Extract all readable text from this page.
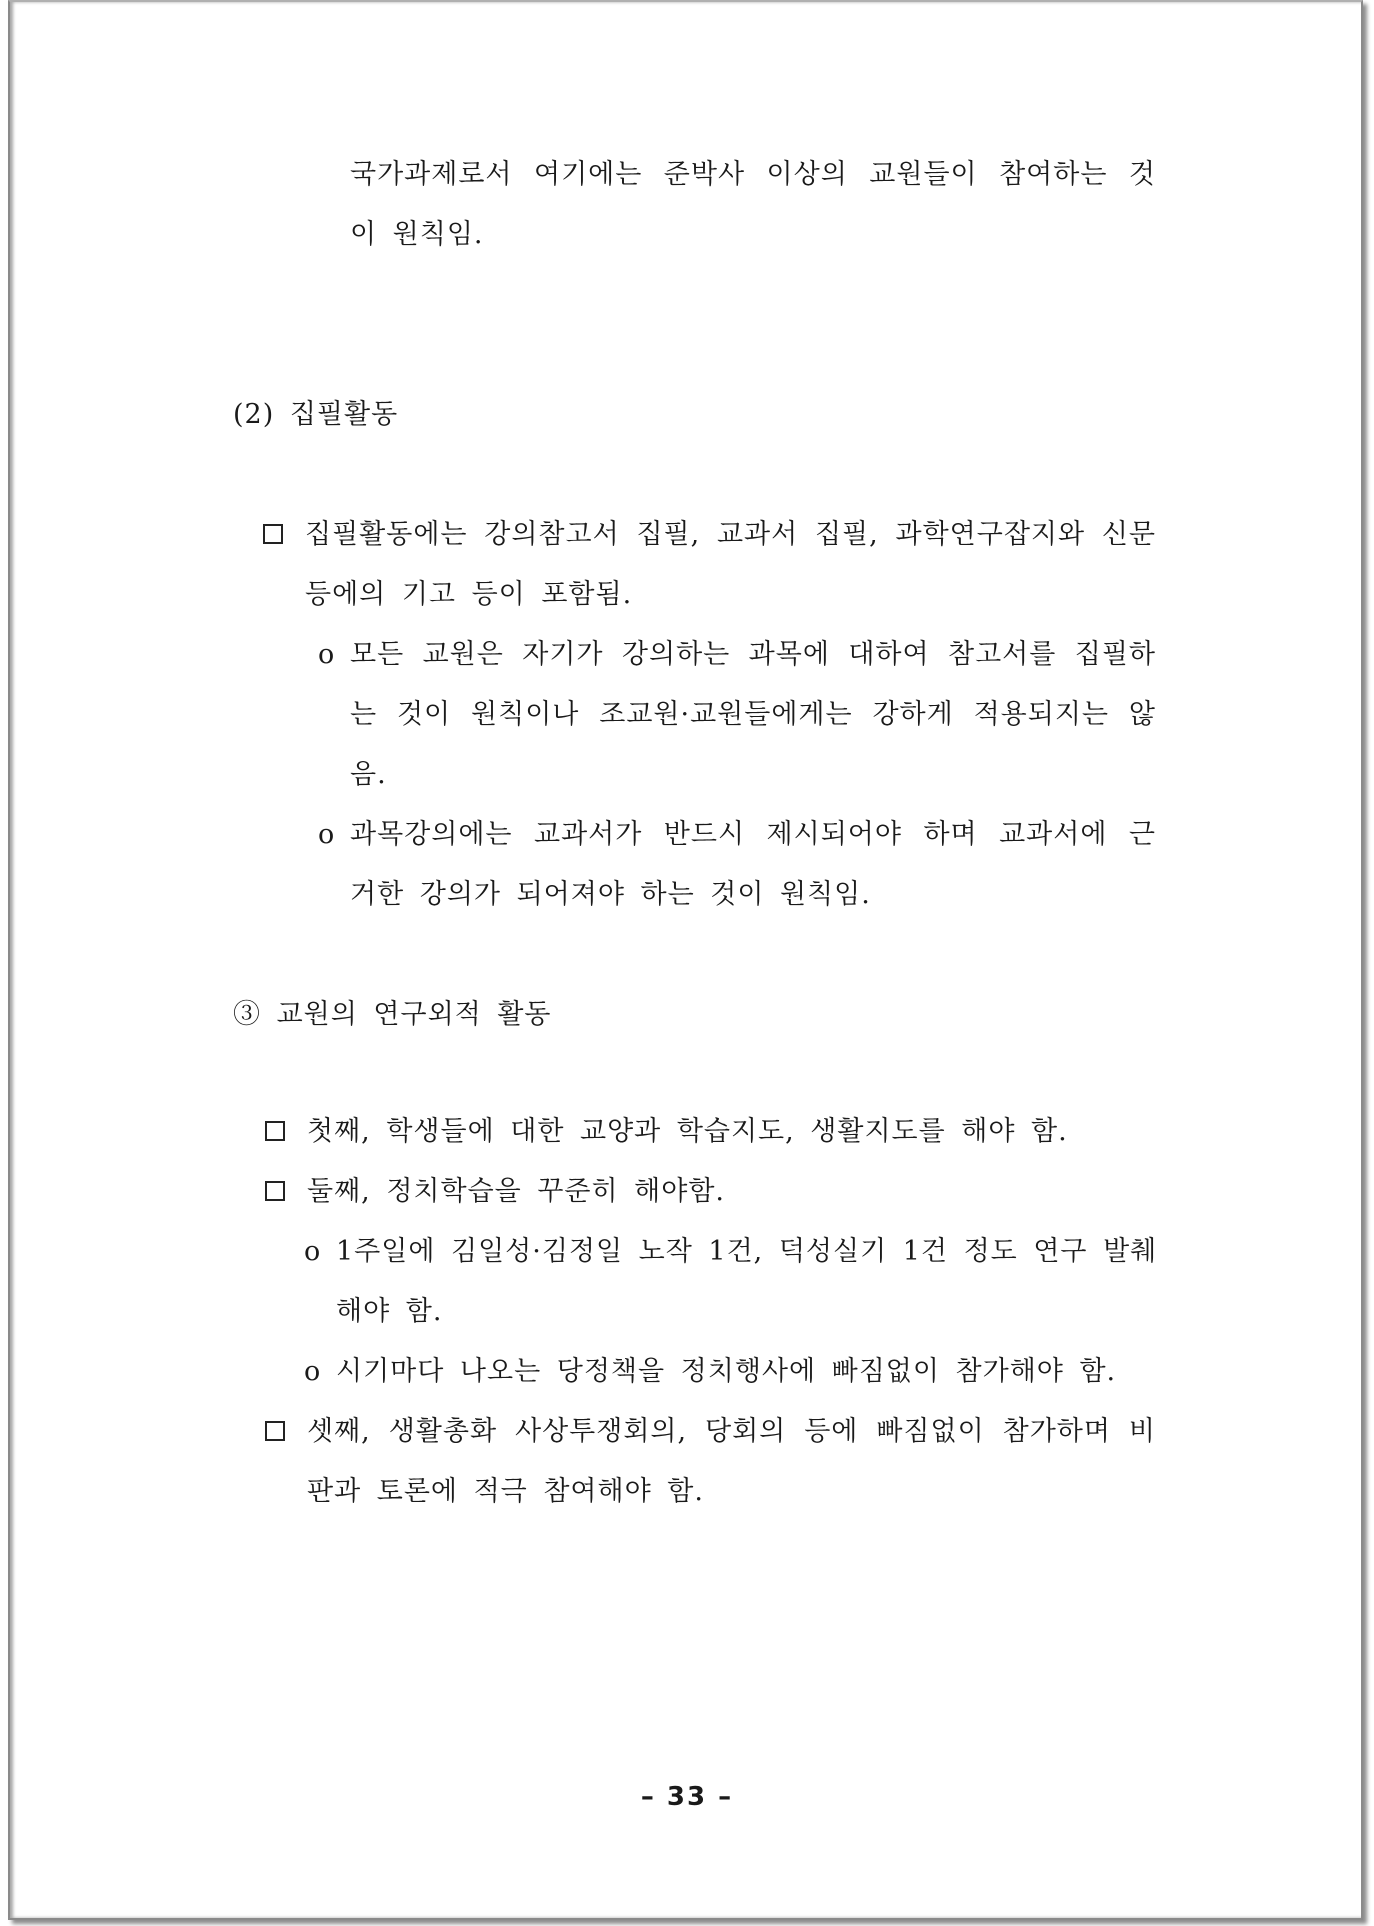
국가과제로서 여기에는 준박사 이상의 교원들이 참여하는 것
이 원칙임.
(2) 집필활동
집필활동에는 강의참고서 집필, 교과서 집필, 과학연구잡지와 신문
등에의 기고 등이 포함됨.
o 모든 교원은 자기가 강의하는 과목에 대하여 참고서를 집필하
는 것이 원칙이나 조교원·교원들에게는 강하게 적용되지는 않
음.
o 과목강의에는 교과서가 반드시 제시되어야 하며 교과서에 근
거한 강의가 되어져야 하는 것이 원칙임.
③ 교원의 연구외적 활동
첫째, 학생들에 대한 교양과 학습지도, 생활지도를 해야 함.
둘째, 정치학습을 꾸준히 해야함.
o 1주일에 김일성·김정일 노작 1건, 덕성실기 1건 정도 연구 발췌
해야 함.
o 시기마다 나오는 당정책을 정치행사에 빠짐없이 참가해야 함.
셋째, 생활총화 사상투쟁회의, 당회의 등에 빠짐없이 참가하며 비
판과 토론에 적극 참여해야 함.
– 33 –
